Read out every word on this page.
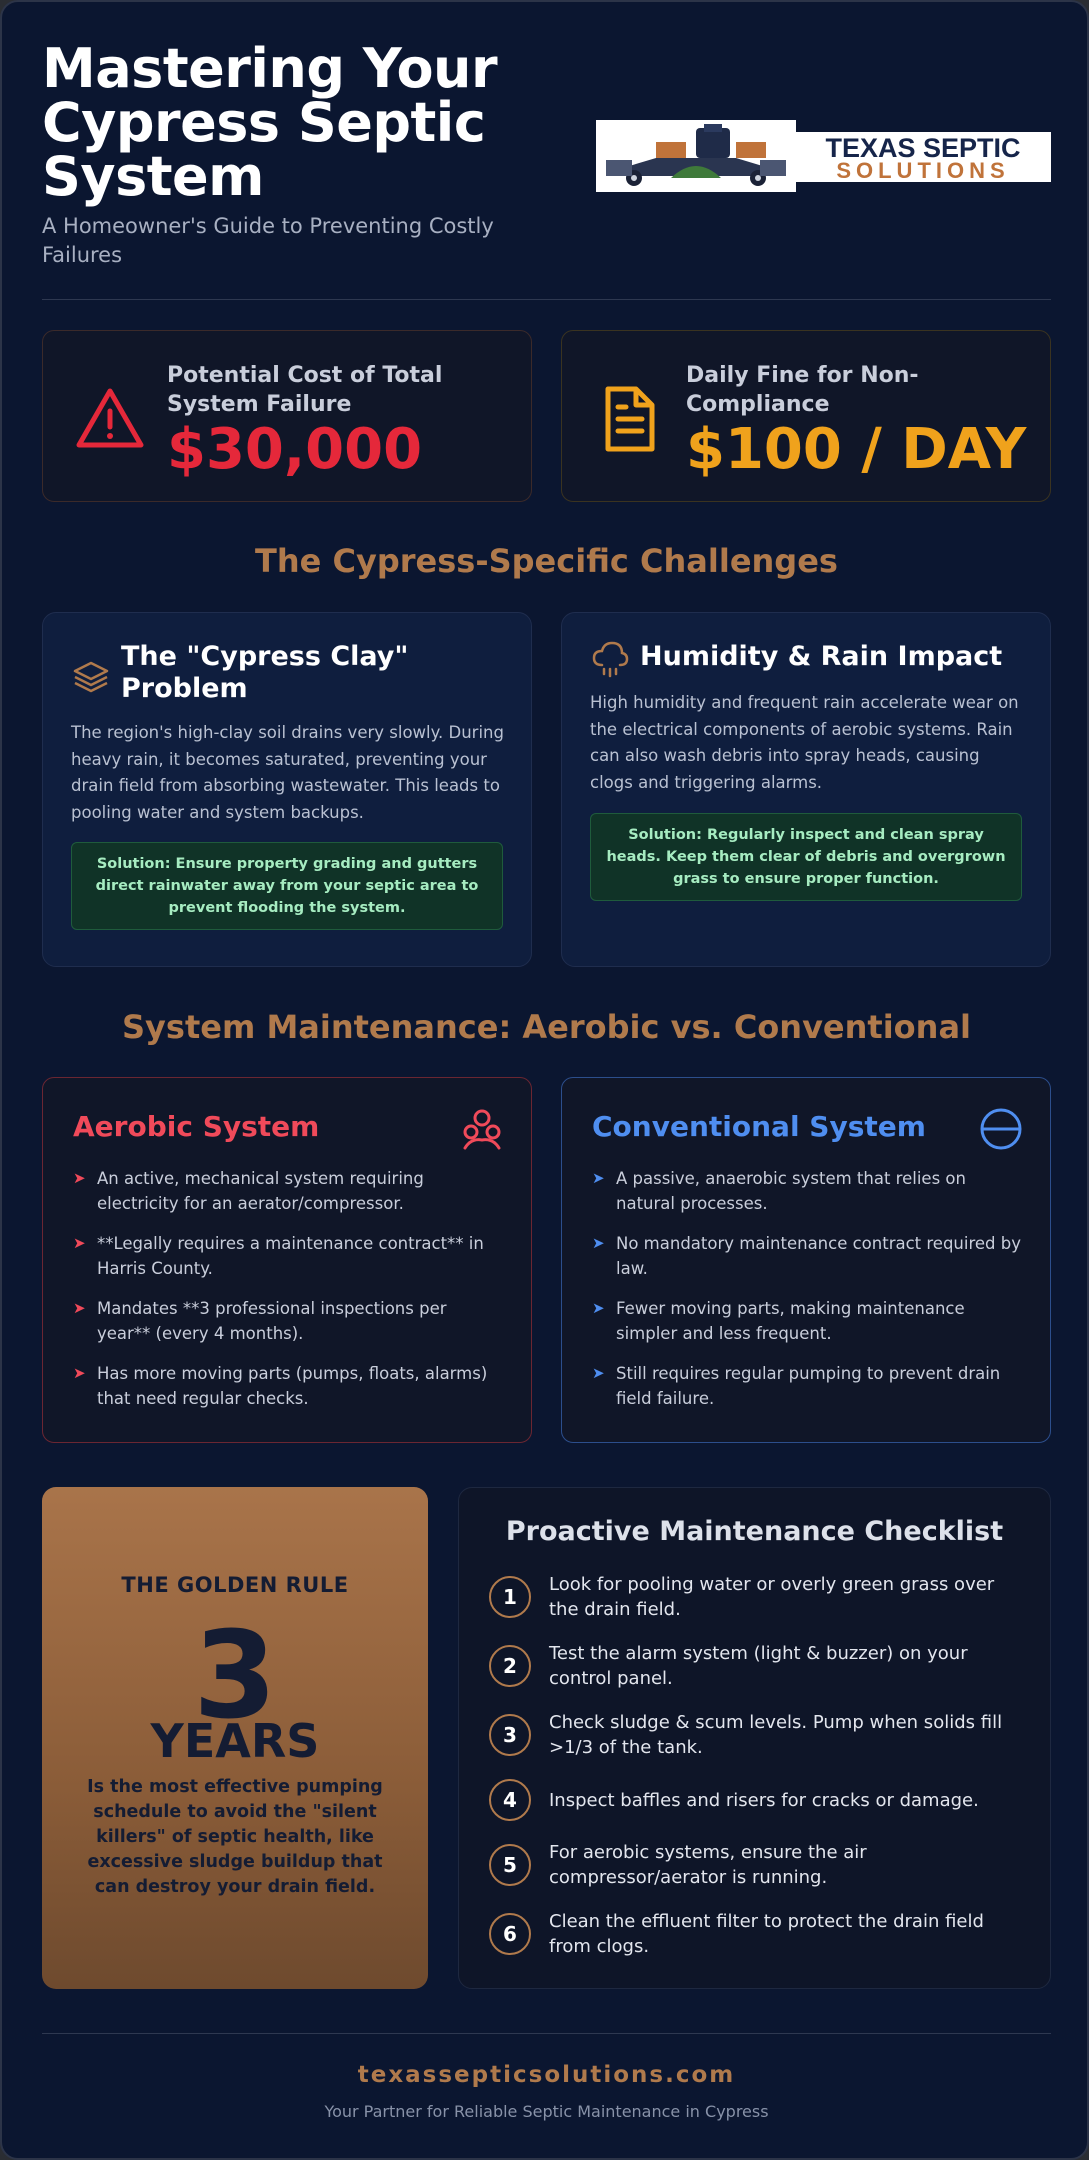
Mastering Your Cypress Septic System
A Homeowner's Guide to Preventing Costly Failures
TEXAS SEPTIC
SOLUTIONS
Potential Cost of Total System Failure
$30,000
Daily Fine for Non-Compliance
$100 / DAY
The Cypress-Specific Challenges
The "Cypress Clay" Problem

The region's high-clay soil drains very slowly. During heavy rain, it becomes saturated, preventing your drain field from absorbing wastewater. This leads to pooling water and system backups.

Solution: Ensure property grading and gutters direct rainwater away from your septic area to prevent flooding the system.
Humidity & Rain Impact

High humidity and frequent rain accelerate wear on the electrical components of aerobic systems. Rain can also wash debris into spray heads, causing clogs and triggering alarms.

Solution: Regularly inspect and clean spray heads. Keep them clear of debris and overgrown grass to ensure proper function.
System Maintenance: Aerobic vs. Conventional
Aerobic System
➤ An active, mechanical system requiring electricity for an aerator/compressor.
➤ **Legally requires a maintenance contract** in Harris County.
➤ Mandates **3 professional inspections per year** (every 4 months).
➤ Has more moving parts (pumps, floats, alarms) that need regular checks.
Conventional System
➤ A passive, anaerobic system that relies on natural processes.
➤ No mandatory maintenance contract required by law.
➤ Fewer moving parts, making maintenance simpler and less frequent.
➤ Still requires regular pumping to prevent drain field failure.
THE GOLDEN RULE
3
YEARS
Is the most effective pumping schedule to avoid the "silent killers" of septic health, like excessive sludge buildup that can destroy your drain field.
Proactive Maintenance Checklist
1
Look for pooling water or overly green grass over the drain field.
2
Test the alarm system (light & buzzer) on your control panel.
3
Check sludge & scum levels. Pump when solids fill >1/3 of the tank.
4	Inspect baffles and risers for cracks or damage.
5
For aerobic systems, ensure the air compressor/aerator is running.
6
Clean the effluent filter to protect the drain field from clogs.
texassepticsolutions.com
Your Partner for Reliable Septic Maintenance in Cypress
